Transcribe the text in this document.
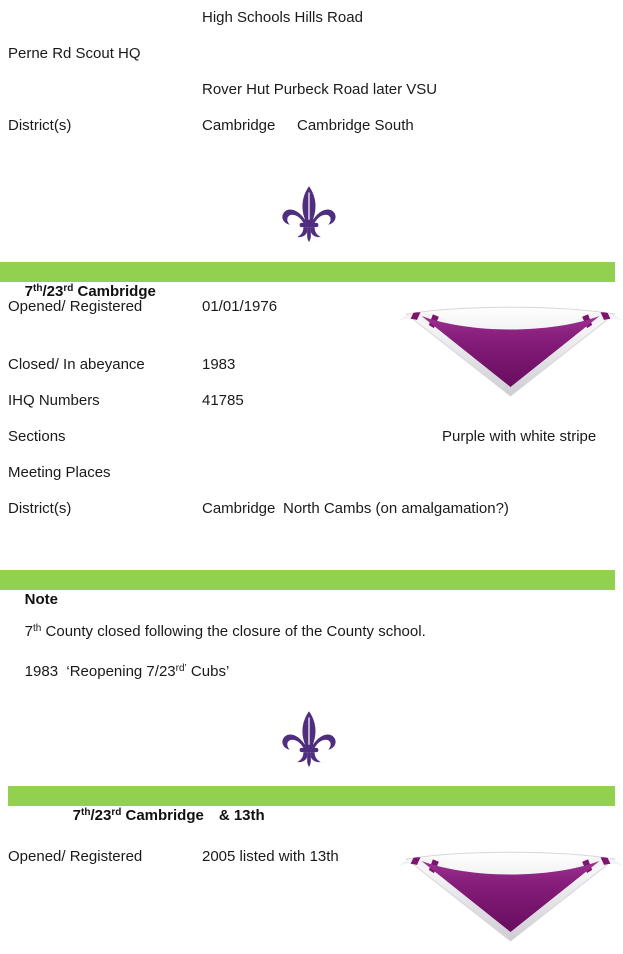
High Schools Hills Road
Perne Rd Scout HQ
Rover Hut Purbeck Road later VSU
District(s)	Cambridge Cambridge South

7th/23rd Cambridge

Opened/ Registered	01/01/1976
Closed/ In abeyance	1983
IHQ Numbers	41785
Sections	Purple with white stripe
Meeting Places
District(s)	Cambridge North Cambs (on amalgamation?)

Note

7th County closed following the closure of the County school.

1983  ‘Reopening $7/23^{rd’}$ Cubs’

7th/23rd Cambridge & 13th

Opened/ Registered	2005 listed with 13th
